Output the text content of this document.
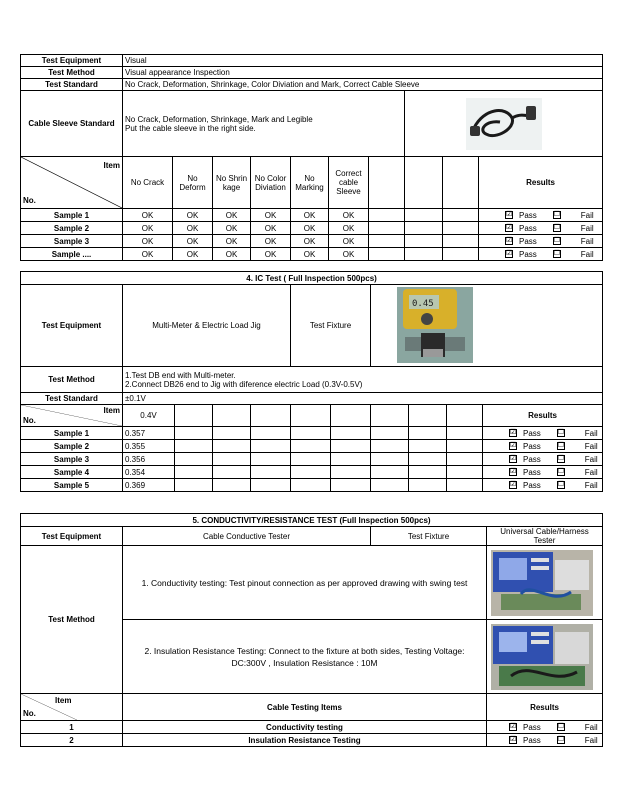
Test Equipment	Visual									
Test Method	Visual appearance Inspection									
Test Standard	No Crack, Deformation, Shrinkage, Color Diviation and Mark, Correct Cable Sleeve									
Cable Sleeve Standard	No Crack, Deformation, Shrinkage, Mark and Legible
Put the cable sleeve in the right side.

Item
No.	No Crack	No Deform	No Shrinkage	No Color Diviation	No Marking	Correct cable Sleeve				Results
Sample 1	OK	OK	OK	OK	OK	OK				☑ Pass ☐ Fail
Sample 2	OK	OK	OK	OK	OK	OK				☑ Pass ☐ Fail
Sample 3	OK	OK	OK	OK	OK	OK				☑ Pass ☐ Fail
Sample ....	OK	OK	OK	OK	OK	OK				☑ Pass ☐ Fail
4. IC Test ( Full Inspection 500pcs)										
Test Equipment	Multi-Meter & Electric Load Jig				Test Fixture		0.45			

Test Method	1.Test DB end with Multi-meter.
2.Connect DB26 end to Jig with diference electric Load (0.3V-0.5V)									

Test Standard	±0.1V									

Item
No.	0.4V									Results
Sample 1	0.357									☑ Pass ☐ Fail
Sample 2	0.355									☑ Pass ☐ Fail
Sample 3	0.356									☑ Pass ☐ Fail
Sample 4	0.354									☑ Pass ☐ Fail
Sample 5	0.369									☑ Pass ☐ Fail
5. CONDUCTIVITY/RESISTANCE TEST (Full Inspection 500pcs)			
Test Equipment	Cable Conductive Tester	Test Fixture	Universal Cable/Harness Tester
Test Method	1. Conductivity testing: Test pinout connection as per approved drawing with swing test	
	2. Insulation Resistance Testing: Connect to the fixture at both sides, Testing Voltage: DC:300V , Insulation Resistance : 10M	

Item
No.	Cable Testing Items		Results
1	Conductivity testing		☑ Pass ☐ Fail
2	Insulation Resistance Testing		☑ Pass ☐ Fail
